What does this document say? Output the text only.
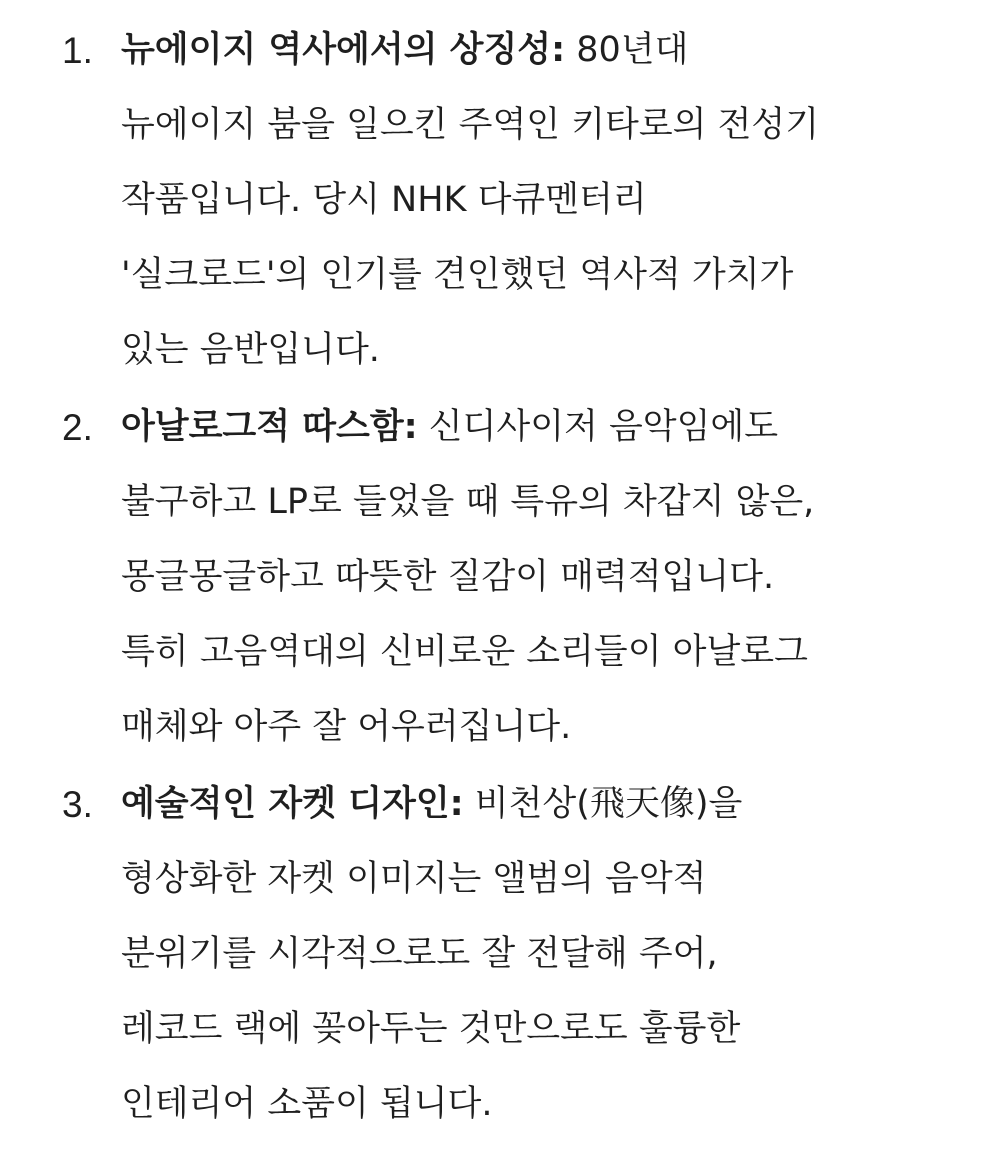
1. 뉴에이지 역사에서의 상징성: 80년대
뉴에이지 붐을 일으킨 주역인 키타로의 전성기
작품입니다. 당시 NHK 다큐멘터리
'실크로드'의 인기를 견인했던 역사적 가치가
있는 음반입니다.
2. 아날로그적 따스함: 신디사이저 음악임에도
불구하고 LP로 들었을 때 특유의 차갑지 않은,
몽글몽글하고 따뜻한 질감이 매력적입니다.
특히 고음역대의 신비로운 소리들이 아날로그
매체와 아주 잘 어우러집니다.
3. 예술적인 자켓 디자인: 비천상(飛天像)을
형상화한 자켓 이미지는 앨범의 음악적
분위기를 시각적으로도 잘 전달해 주어,
레코드 랙에 꽂아두는 것만으로도 훌륭한
인테리어 소품이 됩니다.
